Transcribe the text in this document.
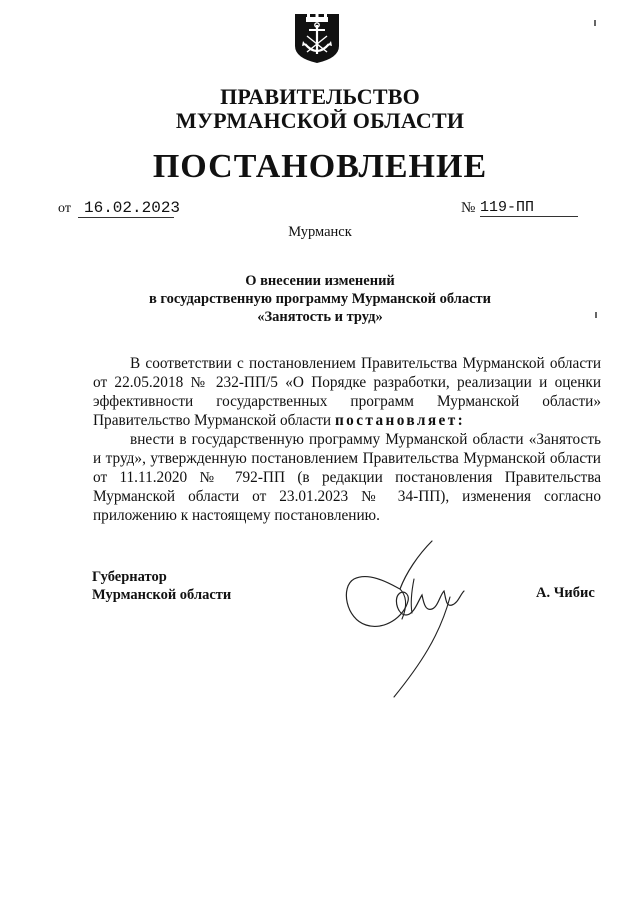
ПРАВИТЕЛЬСТВО
МУРМАНСКОЙ ОБЛАСТИ
ПОСТАНОВЛЕНИЕ
от 16.02.2023	№ 119-ПП
Мурманск
О внесении изменений
в государственную программу Мурманской области
«Занятость и труд»

В соответствии с постановлением Правительства Мурманской области от 22.05.2018 № 232-ПП/5 «О Порядке разработки, реализации и оценки эффективности государственных программ Мурманской области» Правительство Мурманской области постановляет:

внести в государственную программу Мурманской области «Занятость и труд», утвержденную постановлением Правительства Мурманской области от 11.11.2020 № 792-ПП (в редакции постановления Правительства Мурманской области от 23.01.2023 № 34-ПП), изменения согласно приложению к настоящему постановлению.

Губернатор
Мурманской области	А. Чибис
